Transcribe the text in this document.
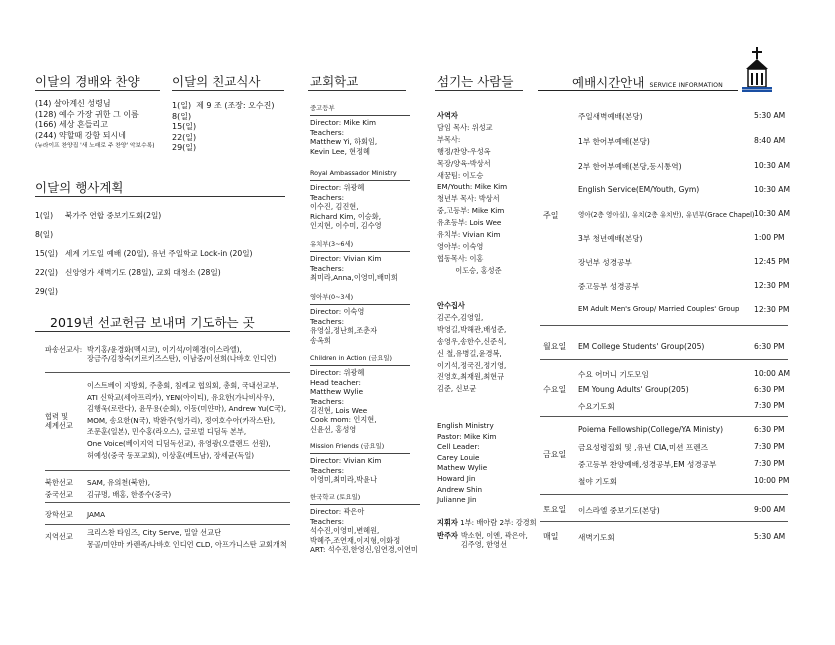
이달의 경배와 찬양
(14) 살아계신 성령님
(128) 예수 가장 귀한 그 이름
(166) 세상 흔들리고
(244) 약할때 강함 되시네
(뉴라이프 찬양집 '새 노래로 주 찬양' 악보수록)
이달의 친교식사
1(일) 제 9 조 (조장: 오수진)
8(일)
15(일)
22(일)
29(일)
이달의 행사계획
1(일) 북가주 연합 중보기도회(2일)
8(일)
15(일) 세계 기도일 예배 (20일), 유년 주일학교 Lock-in (20일)
22(일) 신앙영가 새벽기도 (28일), 교회 대청소 (28일)
29(일)
2019년 선교헌금 보내며 기도하는 곳
파송선교사: 박기홍/윤경화(멕시코), 이기석/이혜경(이스라엘),
장금주/김창숙(키르키즈스탄), 이남중/이선희(나바호 인디언)
협력 및
세계선교
이스트베이 지방회, 주총회, 침례교 협의회, 총회, 국내선교부,
ATI 신학교(세아프리카), YEN(아이티), 유요한(가나비사우),
김행욱(로란다), 윤무용(순회), 이동(미얀마), Andrew Yu(C국),
MOM, 송요한(N국), 박완주(헝가리), 정여호수아(카작스탄),
조문훈(일본), 민수홍(라오스), 글로벌 디딤독 본부,
One Voice(베이지역 디딤독선교), 유영광(오클랜드 선원),
허예성(중국 동포교회), 이상훈(베트남), 장세균(독일)
북한선교
중국선교
SAM, 유의천(북한),
김규명, 배홍, 한종수(중국)
장학선교 JAMA
지역선교 크리스찬 타임즈, City Serve, 밀알 선교단
몽골/미얀마 카렌족/나바호 인디언 CLD, 아프가니스탄 교회개척
교회학교
중고등부
Director: Mike Kim
Teachers:
Matthew Yi, 하회임,
Kevin Lee, 현정혜
Royal Ambassador Ministry
Director: 위광혜
Teachers:
이수진, 김진현,
Richard Kim, 이승화,
인지현, 이수미, 김수영
유치부(3~6세)
Director: Vivian Kim
Teachers:
최미라,Anna,이영미,배미희
영아부(0~3세)
Director: 이숙영
Teachers:
유영실,정난희,조춘자
송옥희
Children in Action (금요일)
Director: 위광혜
Head teacher:
Matthew Wylie
Teachers:
김진현, Lois Wee
Cook mom: 인지현,
신윤선, 홍성영
Mission Friends (금요일)
Director: Vivian Kim
Teachers:
이영미,최미라,박윤나
한국학교 (토요일)
Director: 곽은아
Teachers:
석수진,이영미,변혜원,
박혜주,조연재,이지형,이화정
ART: 석수진,한영신,임연경,이연미
섬기는 사람들
사역자
담임 목사: 위성교
부목사:
행정/찬양-우성옥
목장/양육-박상서
새꿈팀: 이도승
EM/Youth: Mike Kim
청년부 목사: 박상서
중,고등부: Mike Kim
유초등부: Lois Wee
유치부: Vivian Kim
영아부: 이숙영
협동목사: 이홍
이도승, 홍성준
안수집사
김곤수,김영일,
박영길,박해관,배성준,
송영우,송한수,신준식,
신 철,유병길,윤경복,
이기석,정국진,정기영,
진영호,최재원,최현규
김준, 신보균
English Ministry
Pastor: Mike Kim
Cell Leader:
Carey Louie
Mathew Wylie
Howard Jin
Andrew Shin
Julianne Jin
지휘자 1부: 배아람 2부: 강경희
반주자 박소현, 이엔, 곽은아,
김주영, 한영선
예배시간안내 SERVICE INFORMATION
주일
주일새벽예배(본당)	5:30 AM
1부 한어부예배(본당)	8:40 AM
2부 한어부예배(본당,동시통역)	10:30 AM
English Service(EM/Youth, Gym)	10:30 AM
영아(2층 영아실), 유치(2층 유치반), 유년부(Grace Chapel) 10:30 AM
3부 청년예배(본당)	1:00 PM
장년부 성경공부	12:45 PM
중고등부 성경공부	12:30 PM
EM Adult Men's Group/ Married Couples' Group 12:30 PM
월요일 EM College Students' Group(205)	6:30 PM
수요일
수요 어머니 기도모임	10:00 AM
EM Young Adults' Group(205)	6:30 PM
수요기도회	7:30 PM
금요일
Poiema Fellowship(College/YA Ministy)	6:30 PM
금요성령집회 및 ,유년 CIA,미션 프렌즈	7:30 PM
중고등부 찬양예배,성경공부,EM 성경공부	7:30 PM
철야 기도회	10:00 PM
토요일 이스라엘 중보기도(본당)	9:00 AM
매일	새벽기도회	5:30 AM
